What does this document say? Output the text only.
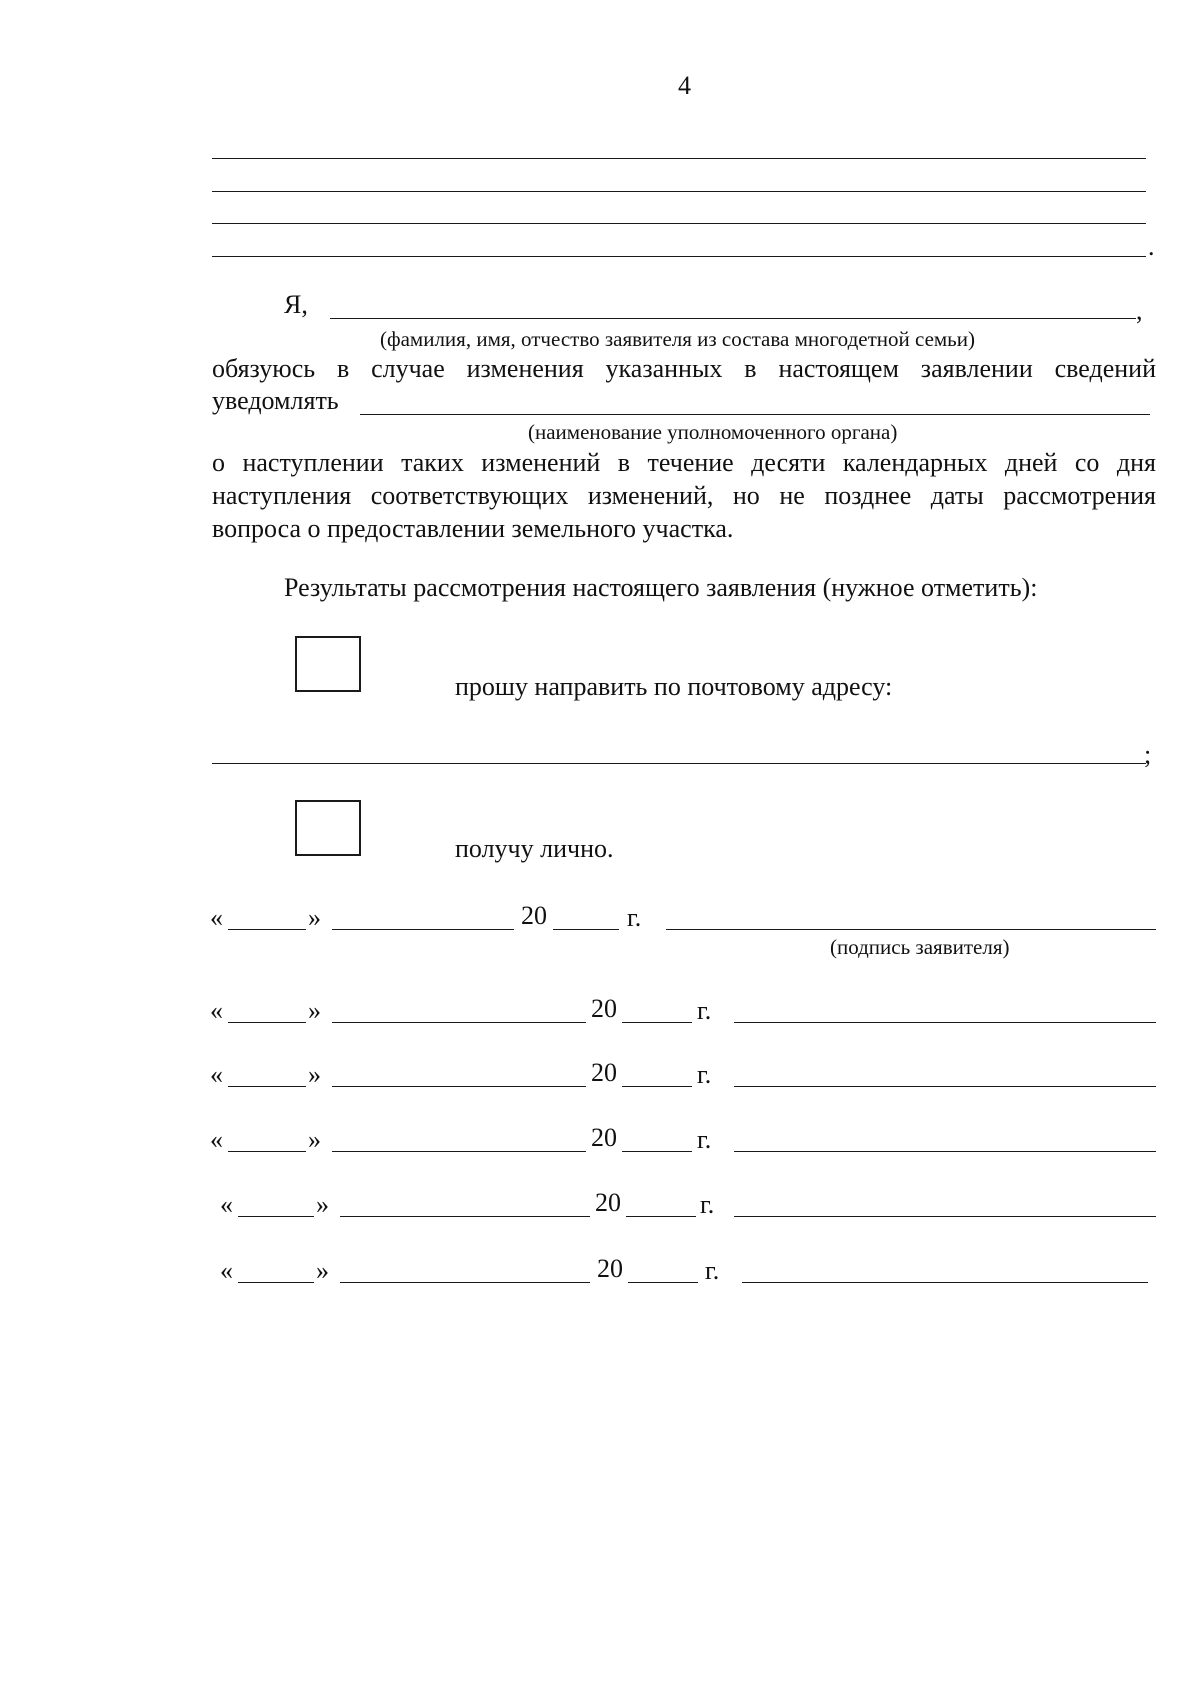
4
.
Я,	,
(фамилия, имя, отчество заявителя из состава многодетной семьи)
обязуюсь в случае изменения указанных в настоящем заявлении сведений
уведомлять
(наименование уполномоченного органа)
о наступлении таких изменений в течение десяти календарных дней со дня
наступления соответствующих изменений, но не позднее даты рассмотрения
вопроса о предоставлении земельного участка.
Результаты рассмотрения настоящего заявления (нужное отметить):
прошу направить по почтовому адресу:
;
получу лично.
«	»	20	г.
(подпись заявителя)
«	»	20	г.
«	»	20	г.
«	»	20	г.
«	»	20	г.
«	»	20	г.
